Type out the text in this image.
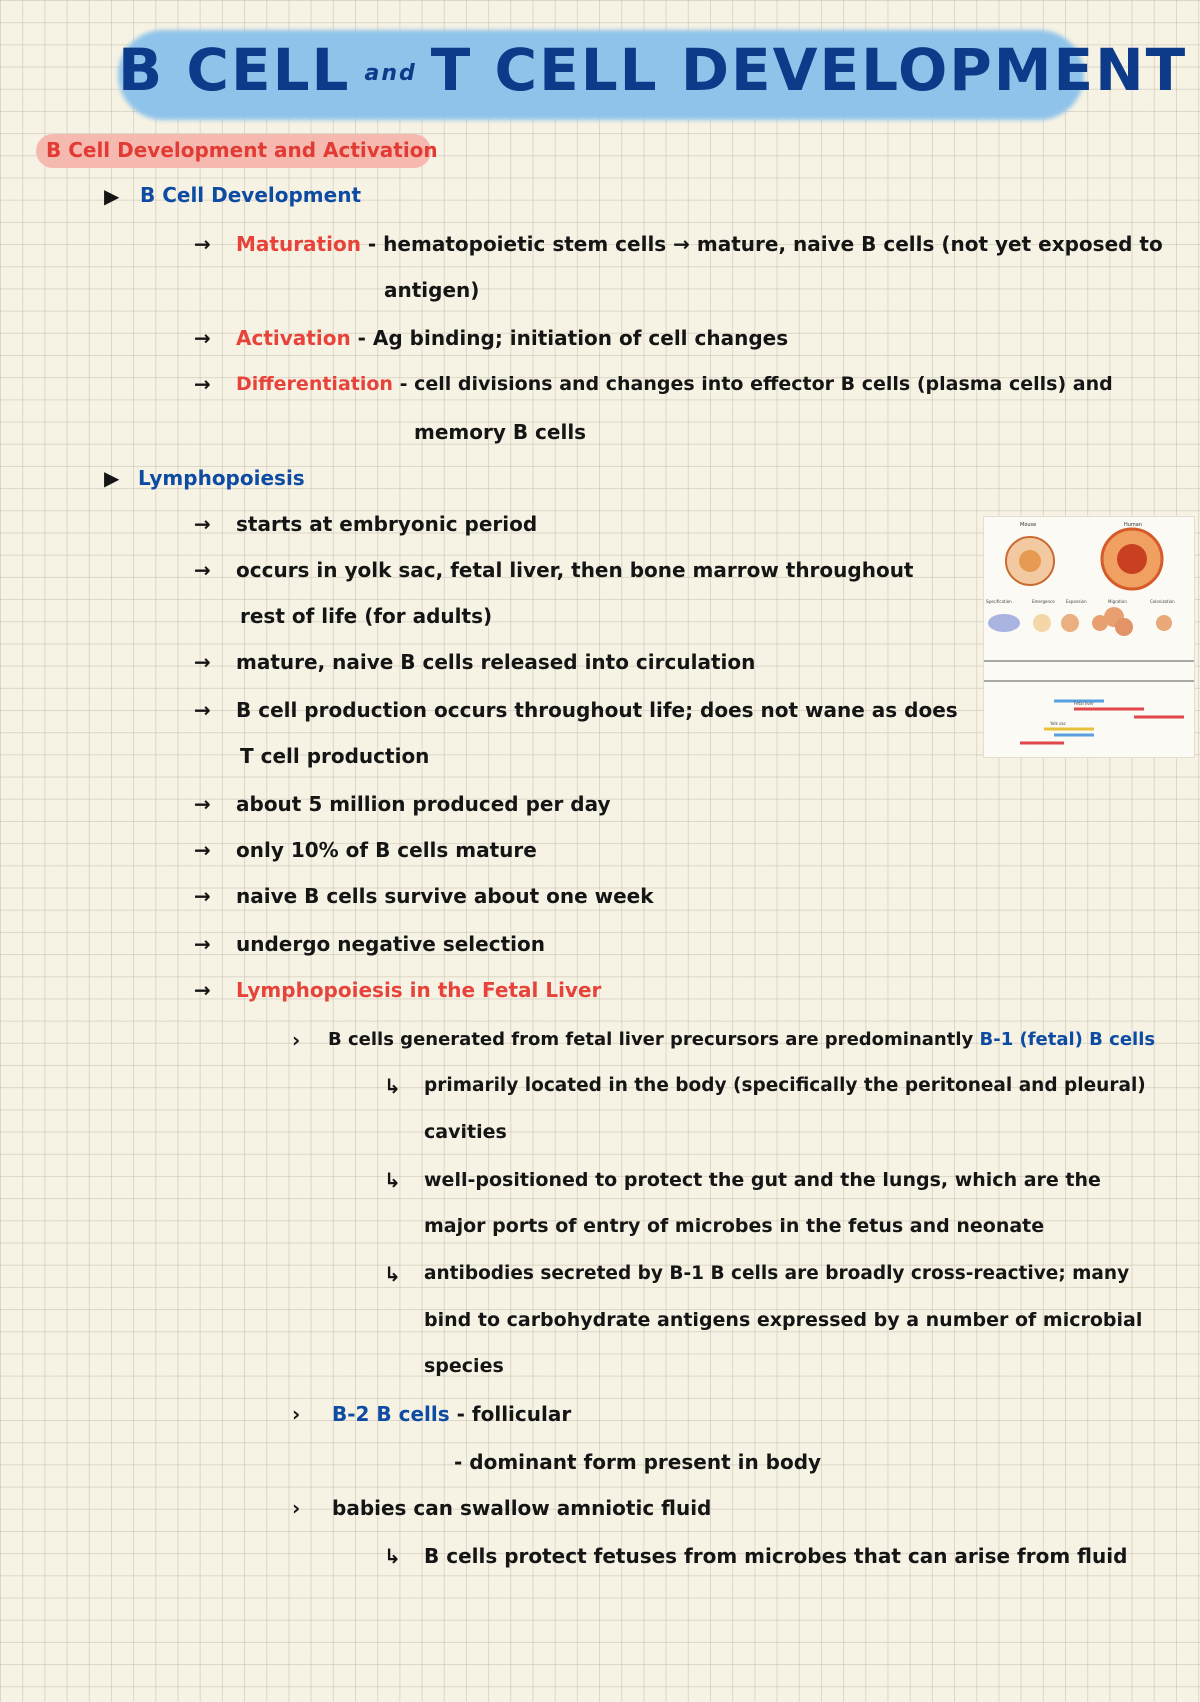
B CELL and T CELL DEVELOPMENT
B Cell Development and Activation
▶ B Cell Development
→ Maturation - hematopoietic stem cells → mature, naive B cells (not yet exposed to
antigen)
→ Activation - Ag binding; initiation of cell changes
→ Differentiation - cell divisions and changes into effector B cells (plasma cells) and
memory B cells
▶ Lymphopoiesis
→ starts at embryonic period
→ occurs in yolk sac, fetal liver, then bone marrow throughout
rest of life (for adults)
→ mature, naive B cells released into circulation
→ B cell production occurs throughout life; does not wane as does
T cell production
→ about 5 million produced per day
→ only 10% of B cells mature
→ naive B cells survive about one week
→ undergo negative selection
→ Lymphopoiesis in the Fetal Liver
› B cells generated from fetal liver precursors are predominantly B-1 (fetal) B cells
↳ primarily located in the body (specifically the peritoneal and pleural)
cavities
↳ well-positioned to protect the gut and the lungs, which are the
major ports of entry of microbes in the fetus and neonate
↳ antibodies secreted by B-1 B cells are broadly cross-reactive; many
bind to carbohydrate antigens expressed by a number of microbial
species
› B-2 B cells - follicular
- dominant form present in body
› babies can swallow amniotic fluid
↳ B cells protect fetuses from microbes that can arise from fluid
Mouse	Human
Specification	Emergence	Expansion	Migration	Colonization
Yolk sac
Fetal liver
